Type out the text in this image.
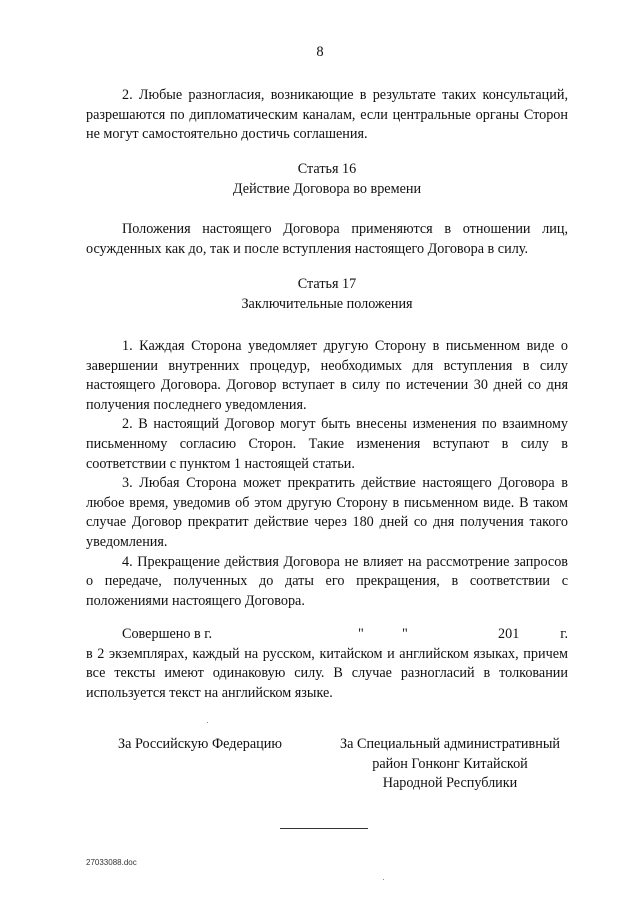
8

2. Любые разногласия, возникающие в результате таких консультаций, разрешаются по дипломатическим каналам, если центральные органы Сторон не могут самостоятельно достичь соглашения.

Статья 16
Действие Договора во времени

Положения настоящего Договора применяются в отношении лиц, осужденных как до, так и после вступления настоящего Договора в силу.

Статья 17
Заключительные положения

1. Каждая Сторона уведомляет другую Сторону в письменном виде о завершении внутренних процедур, необходимых для вступления в силу настоящего Договора. Договор вступает в силу по истечении 30 дней со дня получения последнего уведомления.

2. В настоящий Договор могут быть внесены изменения по взаимному письменному согласию Сторон. Такие изменения вступают в силу в соответствии с пунктом 1 настоящей статьи.

3. Любая Сторона может прекратить действие настоящего Договора в любое время, уведомив об этом другую Сторону в письменном виде. В таком случае Договор прекратит действие через 180 дней со дня получения такого уведомления.

4. Прекращение действия Договора не влияет на рассмотрение запросов о передаче, полученных до даты его прекращения, в соответствии с положениями настоящего Договора.

Совершено в г.	"	"	201	г.

в 2 экземплярах, каждый на русском, китайском и английском языках, причем все тексты имеют одинаковую силу. В случае разногласий в толковании используется текст на английском языке.

За Российскую Федерацию	За Специальный административный
район Гонконг Китайской
Народной Республики
27033088.doc
